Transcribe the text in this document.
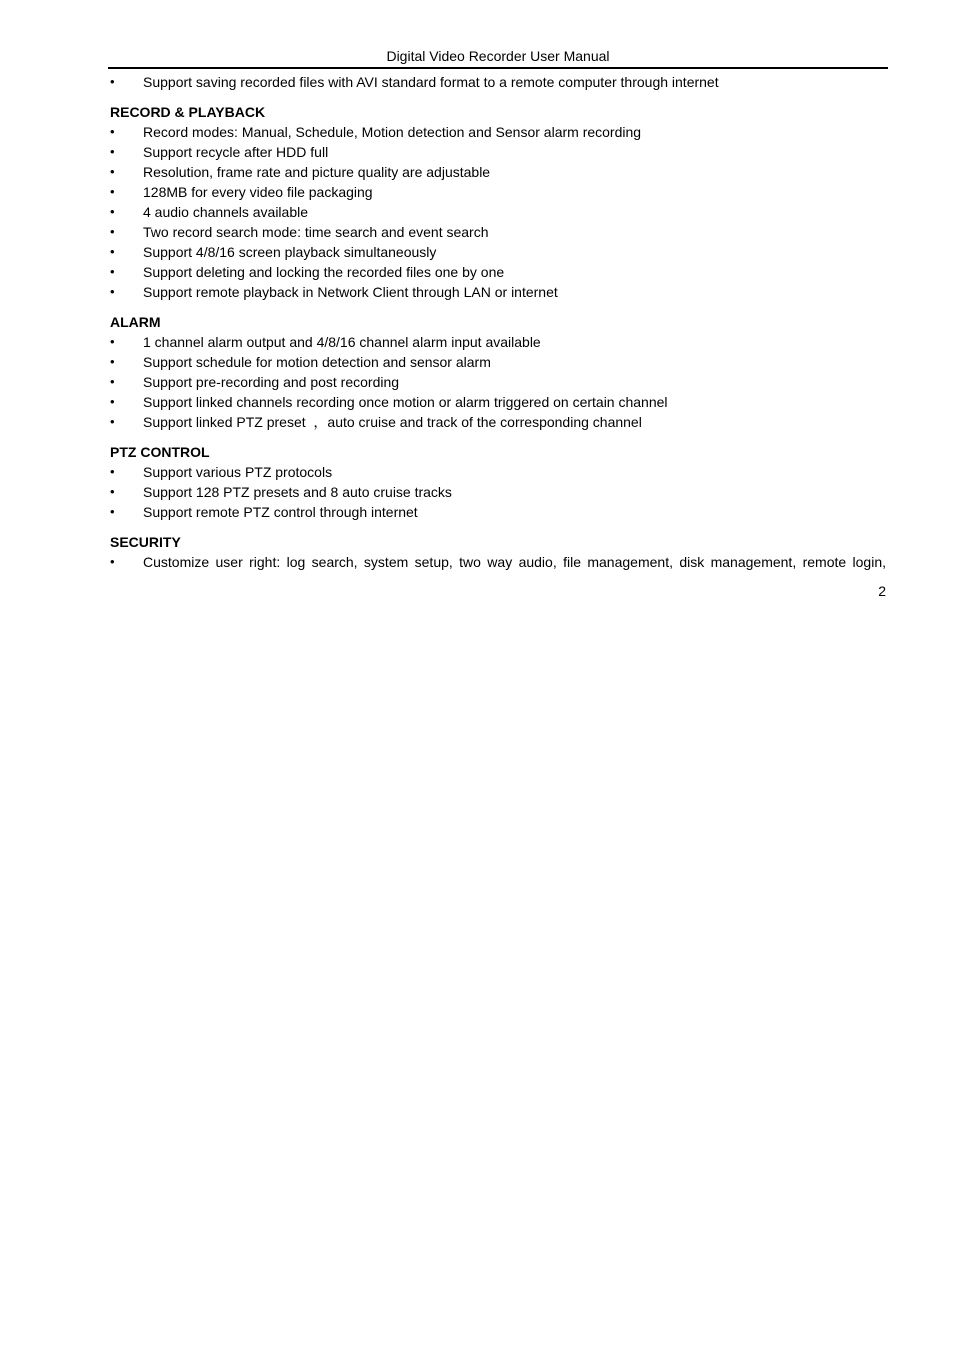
Digital Video Recorder User Manual
•	Support saving recorded files with AVI standard format to a remote computer through internet
RECORD & PLAYBACK
•	Record modes: Manual, Schedule, Motion detection and Sensor alarm recording
•	Support recycle after HDD full
•	Resolution, frame rate and picture quality are adjustable
•	128MB for every video file packaging
•	4 audio channels available
•	Two record search mode: time search and event search
•	Support 4/8/16 screen playback simultaneously
•	Support deleting and locking the recorded files one by one
•	Support remote playback in Network Client through LAN or internet
ALARM
•	1 channel alarm output and 4/8/16 channel alarm input available
•	Support schedule for motion detection and sensor alarm
•	Support pre-recording and post recording
•	Support linked channels recording once motion or alarm triggered on certain channel
•	Support linked PTZ preset  ，auto cruise and track of the corresponding channel
PTZ CONTROL
•	Support various PTZ protocols
•	Support 128 PTZ presets and 8 auto cruise tracks
•	Support remote PTZ control through internet
SECURITY
•	Customize user right: log search, system setup, two way audio, file management, disk management, remote login,
2
